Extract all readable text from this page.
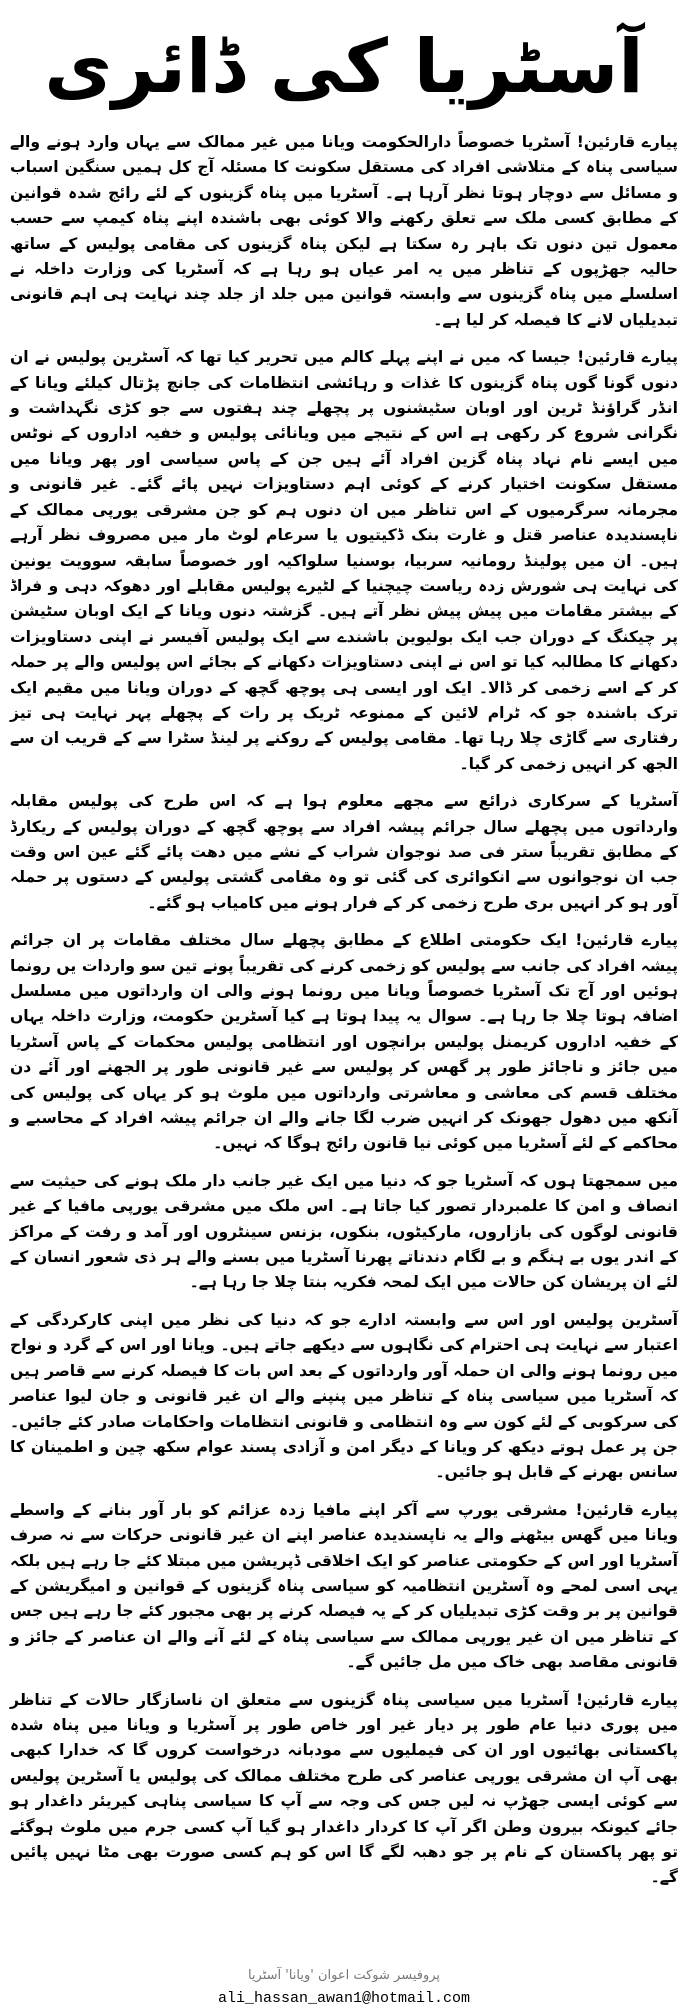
آسٹریا کی ڈائری

پیارے قارئین! آسٹریا خصوصاً دارالحکومت ویانا میں غیر ممالک سے یہاں وارد ہونے والے سیاسی پناہ کے متلاشی افراد کی مستقل سکونت کا مسئلہ آج کل ہمیں سنگین اسباب و مسائل سے دوچار ہوتا نظر آرہا ہے۔ آسٹریا میں پناہ گزینوں کے لئے رائج شدہ قوانین کے مطابق کسی ملک سے تعلق رکھنے والا کوئی بھی باشندہ اپنے پناہ کیمپ سے حسب معمول تین دنوں تک باہر رہ سکتا ہے لیکن پناہ گزینوں کی مقامی پولیس کے ساتھ حالیہ جھڑپوں کے تناظر میں یہ امر عیاں ہو رہا ہے کہ آسٹریا کی وزارت داخلہ نے اسلسلے میں پناہ گزینوں سے وابستہ قوانین میں جلد از جلد چند نہایت ہی اہم قانونی تبدیلیاں لانے کا فیصلہ کر لیا ہے۔

پیارے قارئین! جیسا کہ میں نے اپنے پہلے کالم میں تحریر کیا تھا کہ آسٹرین پولیس نے ان دنوں گونا گوں پناہ گزینوں کا غذات و رہائشی انتظامات کی جانچ پڑتال کیلئے ویانا کے انڈر گراؤنڈ ٹرین اور اوبان سٹیشنوں پر پچھلے چند ہفتوں سے جو کڑی نگہداشت و نگرانی شروع کر رکھی ہے اس کے نتیجے میں ویانائی پولیس و خفیہ اداروں کے نوٹس میں ایسے نام نہاد پناہ گزین افراد آئے ہیں جن کے پاس سیاسی اور پھر ویانا میں مستقل سکونت اختیار کرنے کے کوئی اہم دستاویزات نہیں پائے گئے۔ غیر قانونی و مجرمانہ سرگرمیوں کے اس تناظر میں ان دنوں ہم کو جن مشرقی یورپی ممالک کے ناپسندیدہ عناصر قتل و غارت بنک ڈکیتیوں یا سرعام لوٹ مار میں مصروف نظر آرہے ہیں۔ ان میں پولینڈ رومانیہ سربیا، بوسنیا سلواکیہ اور خصوصاً سابقہ سوویت یونین کی نہایت ہی شورش زدہ ریاست چیچنیا کے لٹیرے پولیس مقابلے اور دھوکہ دہی و فراڈ کے بیشتر مقامات میں پیش پیش نظر آتے ہیں۔ گزشتہ دنوں ویانا کے ایک اوبان سٹیشن پر چیکنگ کے دوران جب ایک بولیوین باشندے سے ایک پولیس آفیسر نے اپنی دستاویزات دکھانے کا مطالبہ کیا تو اس نے اپنی دستاویزات دکھانے کے بجائے اس پولیس والے پر حملہ کر کے اسے زخمی کر ڈالا۔ ایک اور ایسی ہی پوچھ گچھ کے دوران ویانا میں مقیم ایک ترک باشندہ جو کہ ٹرام لائین کے ممنوعہ ٹریک پر رات کے پچھلے پہر نہایت ہی تیز رفتاری سے گاڑی چلا رہا تھا۔ مقامی پولیس کے روکنے پر لینڈ سٹرا سے کے قریب ان سے الجھ کر انہیں زخمی کر گیا۔

آسٹریا کے سرکاری ذرائع سے مجھے معلوم ہوا ہے کہ اس طرح کی پولیس مقابلہ وارداتوں میں پچھلے سال جرائم پیشہ افراد سے پوچھ گچھ کے دوران پولیس کے ریکارڈ کے مطابق تقریباً ستر فی صد نوجوان شراب کے نشے میں دھت پائے گئے عین اس وقت جب ان نوجوانوں سے انکوائری کی گئی تو وہ مقامی گشتی پولیس کے دستوں پر حملہ آور ہو کر انہیں بری طرح زخمی کر کے فرار ہونے میں کامیاب ہو گئے۔

پیارے قارئین! ایک حکومتی اطلاع کے مطابق پچھلے سال مختلف مقامات پر ان جرائم پیشہ افراد کی جانب سے پولیس کو زخمی کرنے کی تقریباً پونے تین سو واردات یں رونما ہوئیں اور آج تک آسٹریا خصوصاً ویانا میں رونما ہونے والی ان وارداتوں میں مسلسل اضافہ ہوتا چلا جا رہا ہے۔ سوال یہ پیدا ہوتا ہے کیا آسٹرین حکومت، وزارت داخلہ یہاں کے خفیہ اداروں کریمنل پولیس برانچوں اور انتظامی پولیس محکمات کے پاس آسٹریا میں جائز و ناجائز طور پر گھس کر پولیس سے غیر قانونی طور پر الجھنے اور آئے دن مختلف قسم کی معاشی و معاشرتی وارداتوں میں ملوث ہو کر یہاں کی پولیس کی آنکھ میں دھول جھونک کر انہیں ضرب لگا جانے والے ان جرائم پیشہ افراد کے محاسبے و محاکمے کے لئے آسٹریا میں کوئی نیا قانون رائج ہوگا کہ نہیں۔

میں سمجھتا ہوں کہ آسٹریا جو کہ دنیا میں ایک غیر جانب دار ملک ہونے کی حیثیت سے انصاف و امن کا علمبردار تصور کیا جاتا ہے۔ اس ملک میں مشرقی یورپی مافیا کے غیر قانونی لوگوں کی بازاروں، مارکیٹوں، بنکوں، بزنس سینٹروں اور آمد و رفت کے مراکز کے اندر یوں بے ہنگم و بے لگام دندناتے پھرنا آسٹریا میں بسنے والے ہر ذی شعور انسان کے لئے ان پریشان کن حالات میں ایک لمحہ فکریہ بنتا چلا جا رہا ہے۔

آسٹرین پولیس اور اس سے وابستہ ادارے جو کہ دنیا کی نظر میں اپنی کارکردگی کے اعتبار سے نہایت ہی احترام کی نگاہوں سے دیکھے جاتے ہیں۔ ویانا اور اس کے گرد و نواح میں رونما ہونے والی ان حملہ آور وارداتوں کے بعد اس بات کا فیصلہ کرنے سے قاصر ہیں کہ آسٹریا میں سیاسی پناہ کے تناظر میں پنپنے والے ان غیر قانونی و جان لیوا عناصر کی سرکوبی کے لئے کون سے وہ انتظامی و قانونی انتظامات واحکامات صادر کئے جائیں۔ جن پر عمل ہوتے دیکھ کر ویانا کے دیگر امن و آزادی پسند عوام سکھ چین و اطمینان کا سانس بھرنے کے قابل ہو جائیں۔

پیارے قارئین! مشرقی یورپ سے آکر اپنے مافیا زدہ عزائم کو بار آور بنانے کے واسطے ویانا میں گھس بیٹھنے والے یہ ناپسندیدہ عناصر اپنے ان غیر قانونی حرکات سے نہ صرف آسٹریا اور اس کے حکومتی عناصر کو ایک اخلاقی ڈپریشن میں مبتلا کئے جا رہے ہیں بلکہ یہی اسی لمحے وہ آسٹرین انتظامیہ کو سیاسی پناہ گزینوں کے قوانین و امیگریشن کے قوانین پر بر وقت کڑی تبدیلیاں کر کے یہ فیصلہ کرنے پر بھی مجبور کئے جا رہے ہیں جس کے تناظر میں ان غیر یورپی ممالک سے سیاسی پناہ کے لئے آنے والے ان عناصر کے جائز و قانونی مقاصد بھی خاک میں مل جائیں گے۔

پیارے قارئین! آسٹریا میں سیاسی پناہ گزینوں سے متعلق ان ناسازگار حالات کے تناظر میں پوری دنیا عام طور پر دیار غیر اور خاص طور پر آسٹریا و ویانا میں پناہ شدہ پاکستانی بھائیوں اور ان کی فیملیوں سے مودبانہ درخواست کروں گا کہ خدارا کبھی بھی آپ ان مشرقی یورپی عناصر کی طرح مختلف ممالک کی پولیس یا آسٹرین پولیس سے کوئی ایسی جھڑپ نہ لیں جس کی وجہ سے آپ کا سیاسی پناہی کیریئر داغدار ہو جائے کیونکہ بیرون وطن اگر آپ کا کردار داغدار ہو گیا آپ کسی جرم میں ملوث ہوگئے تو پھر پاکستان کے نام پر جو دھبہ لگے گا اس کو ہم کسی صورت بھی مٹا نہیں پائیں گے۔

پروفیسر شوکت اعوان 'ویانا' آسٹریا
ali_hassan_awan1@hotmail.com
